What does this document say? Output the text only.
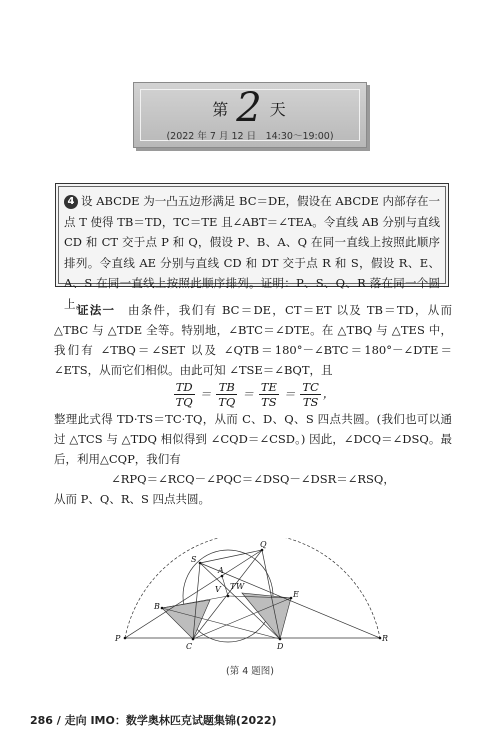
第 2 天
(2022 年 7 月 12 日　14:30～19:00)
4 设 ABCDE 为一凸五边形满足 BC＝DE，假设在 ABCDE 内部存在一点 T 使得 TB＝TD，TC＝TE 且∠ABT＝∠TEA。令直线 AB 分别与直线 CD 和 CT 交于点 P 和 Q，假设 P、B、A、Q 在同一直线上按照此顺序排列。令直线 AE 分别与直线 CD 和 DT 交于点 R 和 S，假设 R、E、A、S 在同一直线上按照此顺序排列。证明：P、S、Q、R 落在同一个圆上。

证法一　 由条件，我们有 BC＝DE，CT＝ET 以及 TB＝TD，从而 △TBC 与 △TDE 全等。特别地，∠BTC＝∠DTE。在 △TBQ 与 △TES 中，我们有 ∠TBQ＝∠SET 以及 ∠QTB＝180°－∠BTC＝180°－∠DTE＝∠ETS，从而它们相似。由此可知 ∠TSE＝∠BQT，且

$\frac{TD}{TQ} = \frac{TB}{TQ} = \frac{TE}{TS} = \frac{TC}{TS}$ ，

整理此式得 TD·TS＝TC·TQ，从而 C、D、Q、S 四点共圆。(我们也可以通过 △TCS 与 △TDQ 相似得到 ∠CQD＝∠CSD。) 因此，∠DCQ＝∠DSQ。最后，利用△CQP，我们有

∠RPQ＝∠RCQ－∠PQC＝∠DSQ－∠DSR＝∠RSQ，

从而 P、Q、R、S 四点共圆。

S
Q
A
T W
V
B
E
P
C	D
R
(第 4 题图)
286 / 走向 IMO：数学奥林匹克试题集锦(2022)
